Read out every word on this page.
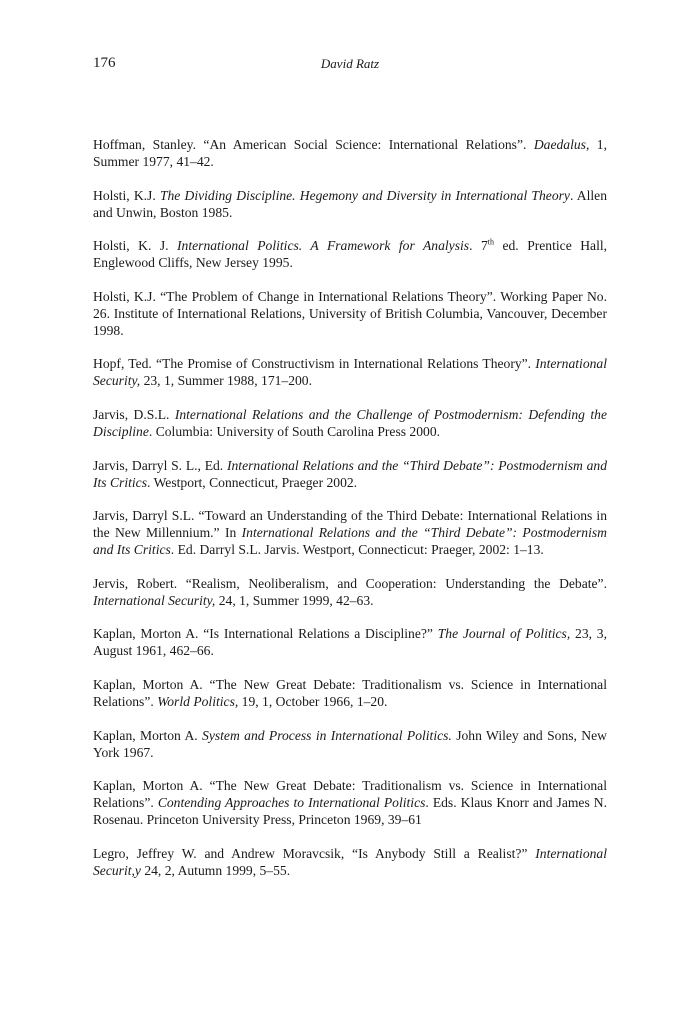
176	David Ratz

Hoffman, Stanley. “An American Social Science: International Relations”. Daedalus, 1, Summer 1977, 41–42.

Holsti, K.J. The Dividing Discipline. Hegemony and Diversity in International Theory. Allen and Unwin, Boston 1985.

Holsti, K. J. International Politics. A Framework for Analysis. 7th ed. Prentice Hall, Englewood Cliffs, New Jersey 1995.

Holsti, K.J. “The Problem of Change in International Relations Theory”. Working Paper No. 26. Institute of International Relations, University of British Columbia, Vancouver, December 1998.

Hopf, Ted. “The Promise of Constructivism in International Relations Theory”. International Security, 23, 1, Summer 1988, 171–200.

Jarvis, D.S.L. International Relations and the Challenge of Postmodernism: Defending the Discipline. Columbia: University of South Carolina Press 2000.

Jarvis, Darryl S. L., Ed. International Relations and the “Third Debate”: Postmodernism and Its Critics. Westport, Connecticut, Praeger 2002.

Jarvis, Darryl S.L. “Toward an Understanding of the Third Debate: International Relations in the New Millennium.” In International Relations and the “Third Debate”: Postmodernism and Its Critics. Ed. Darryl S.L. Jarvis. Westport, Connecticut: Praeger, 2002: 1–13.

Jervis, Robert. “Realism, Neoliberalism, and Cooperation: Understanding the Debate”. International Security, 24, 1, Summer 1999, 42–63.

Kaplan, Morton A. “Is International Relations a Discipline?” The Journal of Politics, 23, 3, August 1961, 462–66.

Kaplan, Morton A. “The New Great Debate: Traditionalism vs. Science in International Relations”. World Politics, 19, 1, October 1966, 1–20.

Kaplan, Morton A. System and Process in International Politics. John Wiley and Sons, New York 1967.

Kaplan, Morton A. “The New Great Debate: Traditionalism vs. Science in International Relations”. Contending Approaches to International Politics. Eds. Klaus Knorr and James N. Rosenau. Princeton University Press, Princeton 1969, 39–61

Legro, Jeffrey W. and Andrew Moravcsik, “Is Anybody Still a Realist?” International Securit,y 24, 2, Autumn 1999, 5–55.
